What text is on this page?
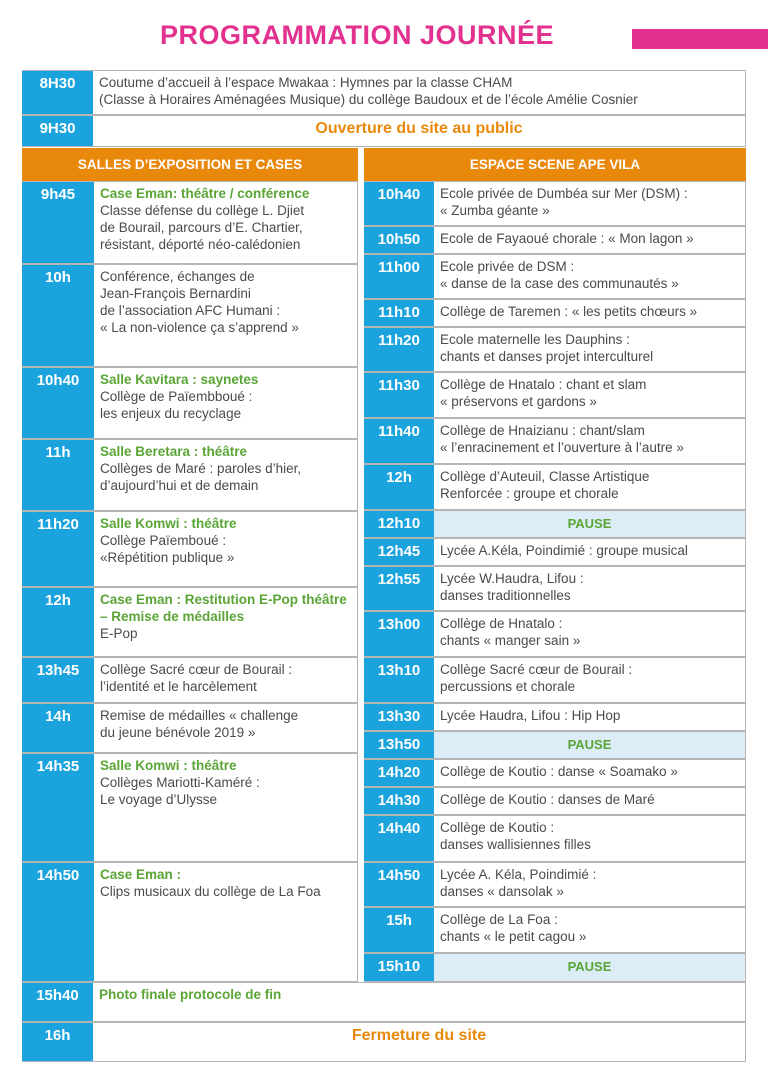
PROGRAMMATION JOURNÉE
8H30	Coutume d’accueil à l’espace Mwakaa : Hymnes par la classe CHAM
(Classe à Horaires Aménagées Musique) du collège Baudoux et de l’école Amélie Cosnier
9H30	Ouverture du site au public
SALLES D’EXPOSITION ET CASES	ESPACE SCENE APE VILA
9h45	Case Eman: théâtre / conférence
Classe défense du collège L. Djiet
de Bourail, parcours d’E. Chartier,
résistant, déporté néo-calédonien
10h	Conférence, échanges de
Jean-François Bernardini
de l’association AFC Humani :
« La non-violence ça s’apprend »
10h40	Salle Kavitara : saynetes
Collège de Païembboué :
les enjeux du recyclage
11h	Salle Beretara : théâtre
Collèges de Maré : paroles d’hier,
d’aujourd’hui et de demain
11h20	Salle Komwi : théâtre
Collège Païemboué :
«Répétition publique »
12h	Case Eman : Restitution E-Pop théâtre – Remise de médailles
E-Pop
13h45	Collège Sacré cœur de Bourail :
l’identité et le harcèlement
14h	Remise de médailles « challenge
du jeune bénévole 2019 »
14h35	Salle Komwi : théâtre
Collèges Mariotti-Kaméré :
Le voyage d’Ulysse
14h50	Case Eman :
Clips musicaux du collège de La Foa
10h40	Ecole privée de Dumbéa sur Mer (DSM) :
« Zumba géante »
10h50	Ecole de Fayaoué chorale : « Mon lagon »
11h00	Ecole privée de DSM :
« danse de la case des communautés »
11h10	Collège de Taremen : « les petits chœurs »
11h20	Ecole maternelle les Dauphins :
chants et danses projet interculturel
11h30	Collège de Hnatalo : chant et slam
« préservons et gardons »
11h40	Collège de Hnaizianu : chant/slam
« l’enracinement et l’ouverture à l’autre »
12h	Collège d’Auteuil, Classe Artistique
Renforcée : groupe et chorale
12h10	PAUSE
12h45	Lycée A.Kéla, Poindimié : groupe musical
12h55	Lycée W.Haudra, Lifou :
danses traditionnelles
13h00	Collège de Hnatalo :
chants « manger sain »
13h10	Collège Sacré cœur de Bourail :
percussions et chorale
13h30	Lycée Haudra, Lifou : Hip Hop
13h50	PAUSE
14h20	Collège de Koutio : danse « Soamako »
14h30	Collège de Koutio : danses de Maré
14h40	Collège de Koutio :
danses wallisiennes filles
14h50	Lycée A. Kéla, Poindimié :
danses « dansolak »
15h	Collège de La Foa :
chants « le petit cagou »
15h10	PAUSE
15h40	Photo finale protocole de fin
16h	Fermeture du site
